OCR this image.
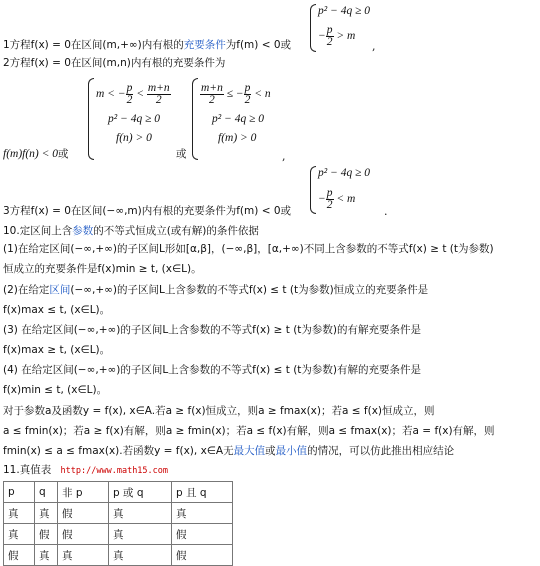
p² − 4q ≥ 0
− $\frac{p}{2} > m$
1方程f(x) = 0在区间(m,+∞)内有根的充要条件为f(m) < 0或	,
2方程f(x) = 0在区间(m,n)内有根的充要条件为
m < − $\frac{p}{2} < \frac{m+n}{2}$
p² − 4q ≥ 0
f(n) > 0
f(m)f(n) < 0或	或
$\frac{m+n}{2}$ ≤ − $\frac{p}{2} < n$
p² − 4q ≥ 0
f(m) > 0
,
p² − 4q ≥ 0
− $\frac{p}{2} < m$
3方程f(x) = 0在区间(−∞,m)内有根的充要条件为f(m) < 0或	.
10.定区间上含参数的不等式恒成立(或有解)的条件依据
(1)在给定区间(−∞,+∞)的子区间L形如[α,β]，(−∞,β]，[α,+∞)不同上含参数的不等式f(x) ≥ t (t为参数)
恒成立的充要条件是f(x)min ≥ t, (x∈L)。
(2)在给定区间(−∞,+∞)的子区间L上含参数的不等式f(x) ≤ t (t为参数)恒成立的充要条件是
f(x)max ≤ t, (x∈L)。
(3) 在给定区间(−∞,+∞)的子区间L上含参数的不等式f(x) ≥ t (t为参数)的有解充要条件是
f(x)max ≥ t, (x∈L)。
(4) 在给定区间(−∞,+∞)的子区间L上含参数的不等式f(x) ≤ t (t为参数)有解的充要条件是
f(x)min ≤ t, (x∈L)。
对于参数a及函数y = f(x), x∈A.若a ≥ f(x)恒成立，则a ≥ fmax(x)；若a ≤ f(x)恒成立，则
a ≤ fmin(x)；若a ≥ f(x)有解，则a ≥ fmin(x)；若a ≤ f(x)有解，则a ≤ fmax(x)；若a = f(x)有解，则
fmin(x) ≤ a ≤ fmax(x).若函数y = f(x), x∈A无最大值或最小值的情况，可以仿此推出相应结论
11.真值表 http://www.math15.com
p	q	非 p	p 或 q	p 且 q
真	真	假	真	真
真	假	假	真	假
假	真	真	真	假
